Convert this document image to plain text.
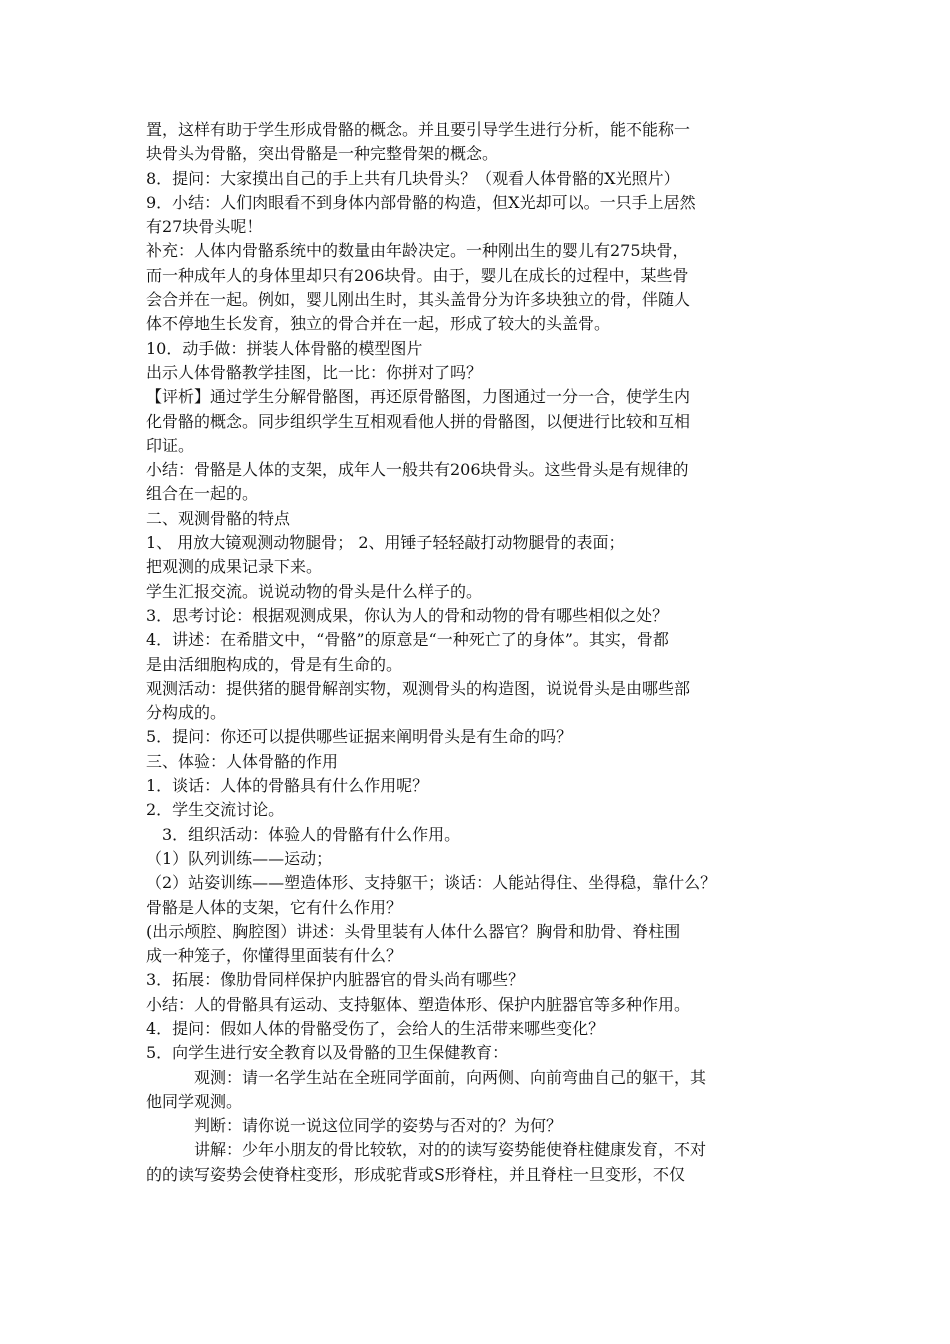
置，这样有助于学生形成骨骼的概念。并且要引导学生进行分析，能不能称一
块骨头为骨骼，突出骨骼是一种完整骨架的概念。
8．提问：大家摸出自己的手上共有几块骨头？（观看人体骨骼的X光照片）
9．小结：人们肉眼看不到身体内部骨骼的构造，但X光却可以。一只手上居然
有27块骨头呢！
补充：人体内骨骼系统中的数量由年龄决定。一种刚出生的婴儿有275块骨，
而一种成年人的身体里却只有206块骨。由于，婴儿在成长的过程中，某些骨
会合并在一起。例如，婴儿刚出生时，其头盖骨分为许多块独立的骨，伴随人
体不停地生长发育，独立的骨合并在一起，形成了较大的头盖骨。
10．动手做：拼装人体骨骼的模型图片
出示人体骨骼教学挂图，比一比：你拼对了吗？
【评析】通过学生分解骨骼图，再还原骨骼图，力图通过一分一合，使学生内
化骨骼的概念。同步组织学生互相观看他人拼的骨骼图，以便进行比较和互相
印证。
小结：骨骼是人体的支架，成年人一般共有206块骨头。这些骨头是有规律的
组合在一起的。
二、观测骨骼的特点
1、 用放大镜观测动物腿骨； 2、用锤子轻轻敲打动物腿骨的表面；
把观测的成果记录下来。
学生汇报交流。说说动物的骨头是什么样子的。
3．思考讨论：根据观测成果，你认为人的骨和动物的骨有哪些相似之处？
4．讲述：在希腊文中，“骨骼”的原意是“一种死亡了的身体”。其实，骨都
是由活细胞构成的，骨是有生命的。
观测活动：提供猪的腿骨解剖实物，观测骨头的构造图，说说骨头是由哪些部
分构成的。
5．提问：你还可以提供哪些证据来阐明骨头是有生命的吗？
三、体验：人体骨骼的作用
1．谈话：人体的骨骼具有什么作用呢？
2．学生交流讨论。
3．组织活动：体验人的骨骼有什么作用。
（1）队列训练——运动；
（2）站姿训练——塑造体形、支持躯干；谈话：人能站得住、坐得稳，靠什么？
骨骼是人体的支架，它有什么作用？
(出示颅腔、胸腔图）讲述：头骨里装有人体什么器官？胸骨和肋骨、脊柱围
成一种笼子，你懂得里面装有什么？
3．拓展：像肋骨同样保护内脏器官的骨头尚有哪些？
小结：人的骨骼具有运动、支持躯体、塑造体形、保护内脏器官等多种作用。
4．提问：假如人体的骨骼受伤了，会给人的生活带来哪些变化？
5．向学生进行安全教育以及骨骼的卫生保健教育：
观测：请一名学生站在全班同学面前，向两侧、向前弯曲自己的躯干，其
他同学观测。
判断：请你说一说这位同学的姿势与否对的？为何？
讲解：少年小朋友的骨比较软，对的的读写姿势能使脊柱健康发育，不对
的的读写姿势会使脊柱变形，形成驼背或S形脊柱，并且脊柱一旦变形，不仅
